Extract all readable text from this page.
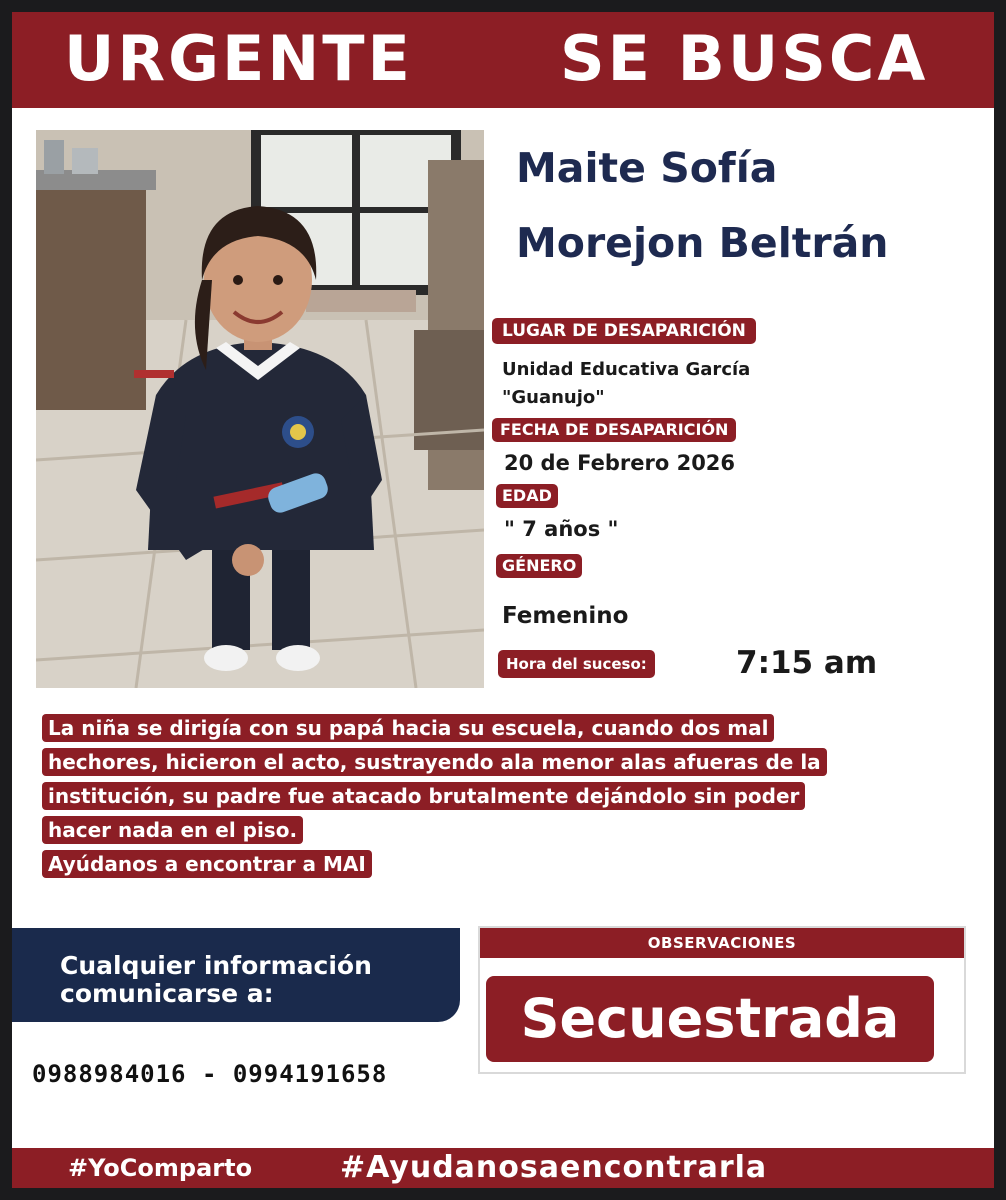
URGENTE SE BUSCA
Maite Sofía
Morejon Beltrán
LUGAR DE DESAPARICIÓN
Unidad Educativa García
"Guanujo"
FECHA DE DESAPARICIÓN
20 de Febrero 2026
EDAD
" 7 años "
GÉNERO
Femenino
Hora del suceso:	7:15 am
La niña se dirigía con su papá hacia su escuela, cuando dos mal
hechores, hicieron el acto, sustrayendo ala menor alas afueras de la
institución, su padre fue atacado brutalmente dejándolo sin poder
hacer nada en el piso.
Ayúdanos a encontrar a MAI
Cualquier información
comunicarse a:
0988984016 - 0994191658
OBSERVACIONES
Secuestrada
#YoComparto	#Ayudanosaencontrarla
